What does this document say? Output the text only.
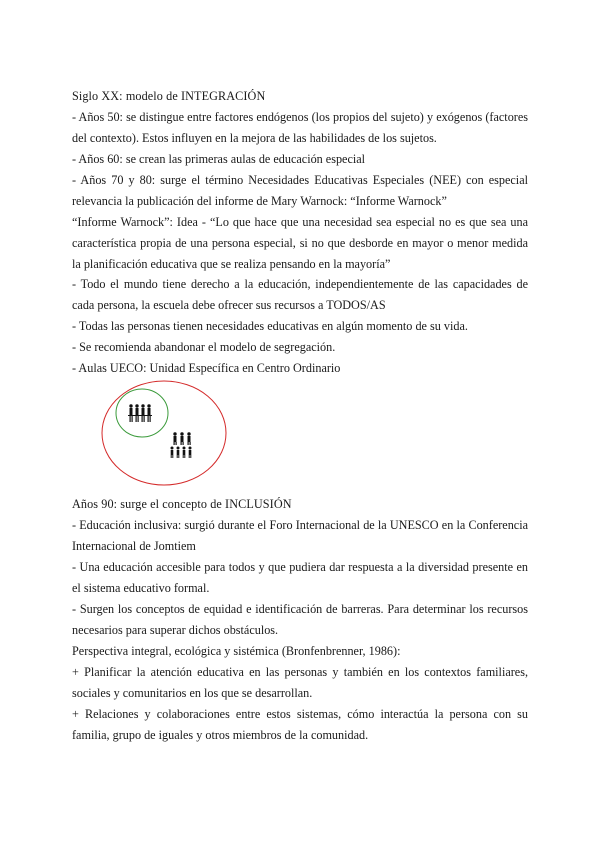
Siglo XX: modelo de INTEGRACIÓN
- Años 50: se distingue entre factores endógenos (los propios del sujeto) y exógenos (factores del contexto). Estos influyen en la mejora de las habilidades de los sujetos.
- Años 60: se crean las primeras aulas de educación especial
- Años 70 y 80: surge el término Necesidades Educativas Especiales (NEE) con especial relevancia la publicación del informe de Mary Warnock: “Informe Warnock”
“Informe Warnock”: Idea - “Lo que hace que una necesidad sea especial no es que sea una característica propia de una persona especial, si no que desborde en mayor o menor medida la planificación educativa que se realiza pensando en la mayoría”
- Todo el mundo tiene derecho a la educación, independientemente de las capacidades de cada persona, la escuela debe ofrecer sus recursos a TODOS/AS
- Todas las personas tienen necesidades educativas en algún momento de su vida.
- Se recomienda abandonar el modelo de segregación.
- Aulas UECO: Unidad Específica en Centro Ordinario
Años 90: surge el concepto de INCLUSIÓN
- Educación inclusiva: surgió durante el Foro Internacional de la UNESCO en la Conferencia Internacional de Jomtiem
- Una educación accesible para todos y que pudiera dar respuesta a la diversidad presente en el sistema educativo formal.
- Surgen los conceptos de equidad e identificación de barreras. Para determinar los recursos necesarios para superar dichos obstáculos.
Perspectiva integral, ecológica y sistémica (Bronfenbrenner, 1986):
+ Planificar la atención educativa en las personas y también en los contextos familiares, sociales y comunitarios en los que se desarrollan.
+ Relaciones y colaboraciones entre estos sistemas, cómo interactúa la persona con su familia, grupo de iguales y otros miembros de la comunidad.
